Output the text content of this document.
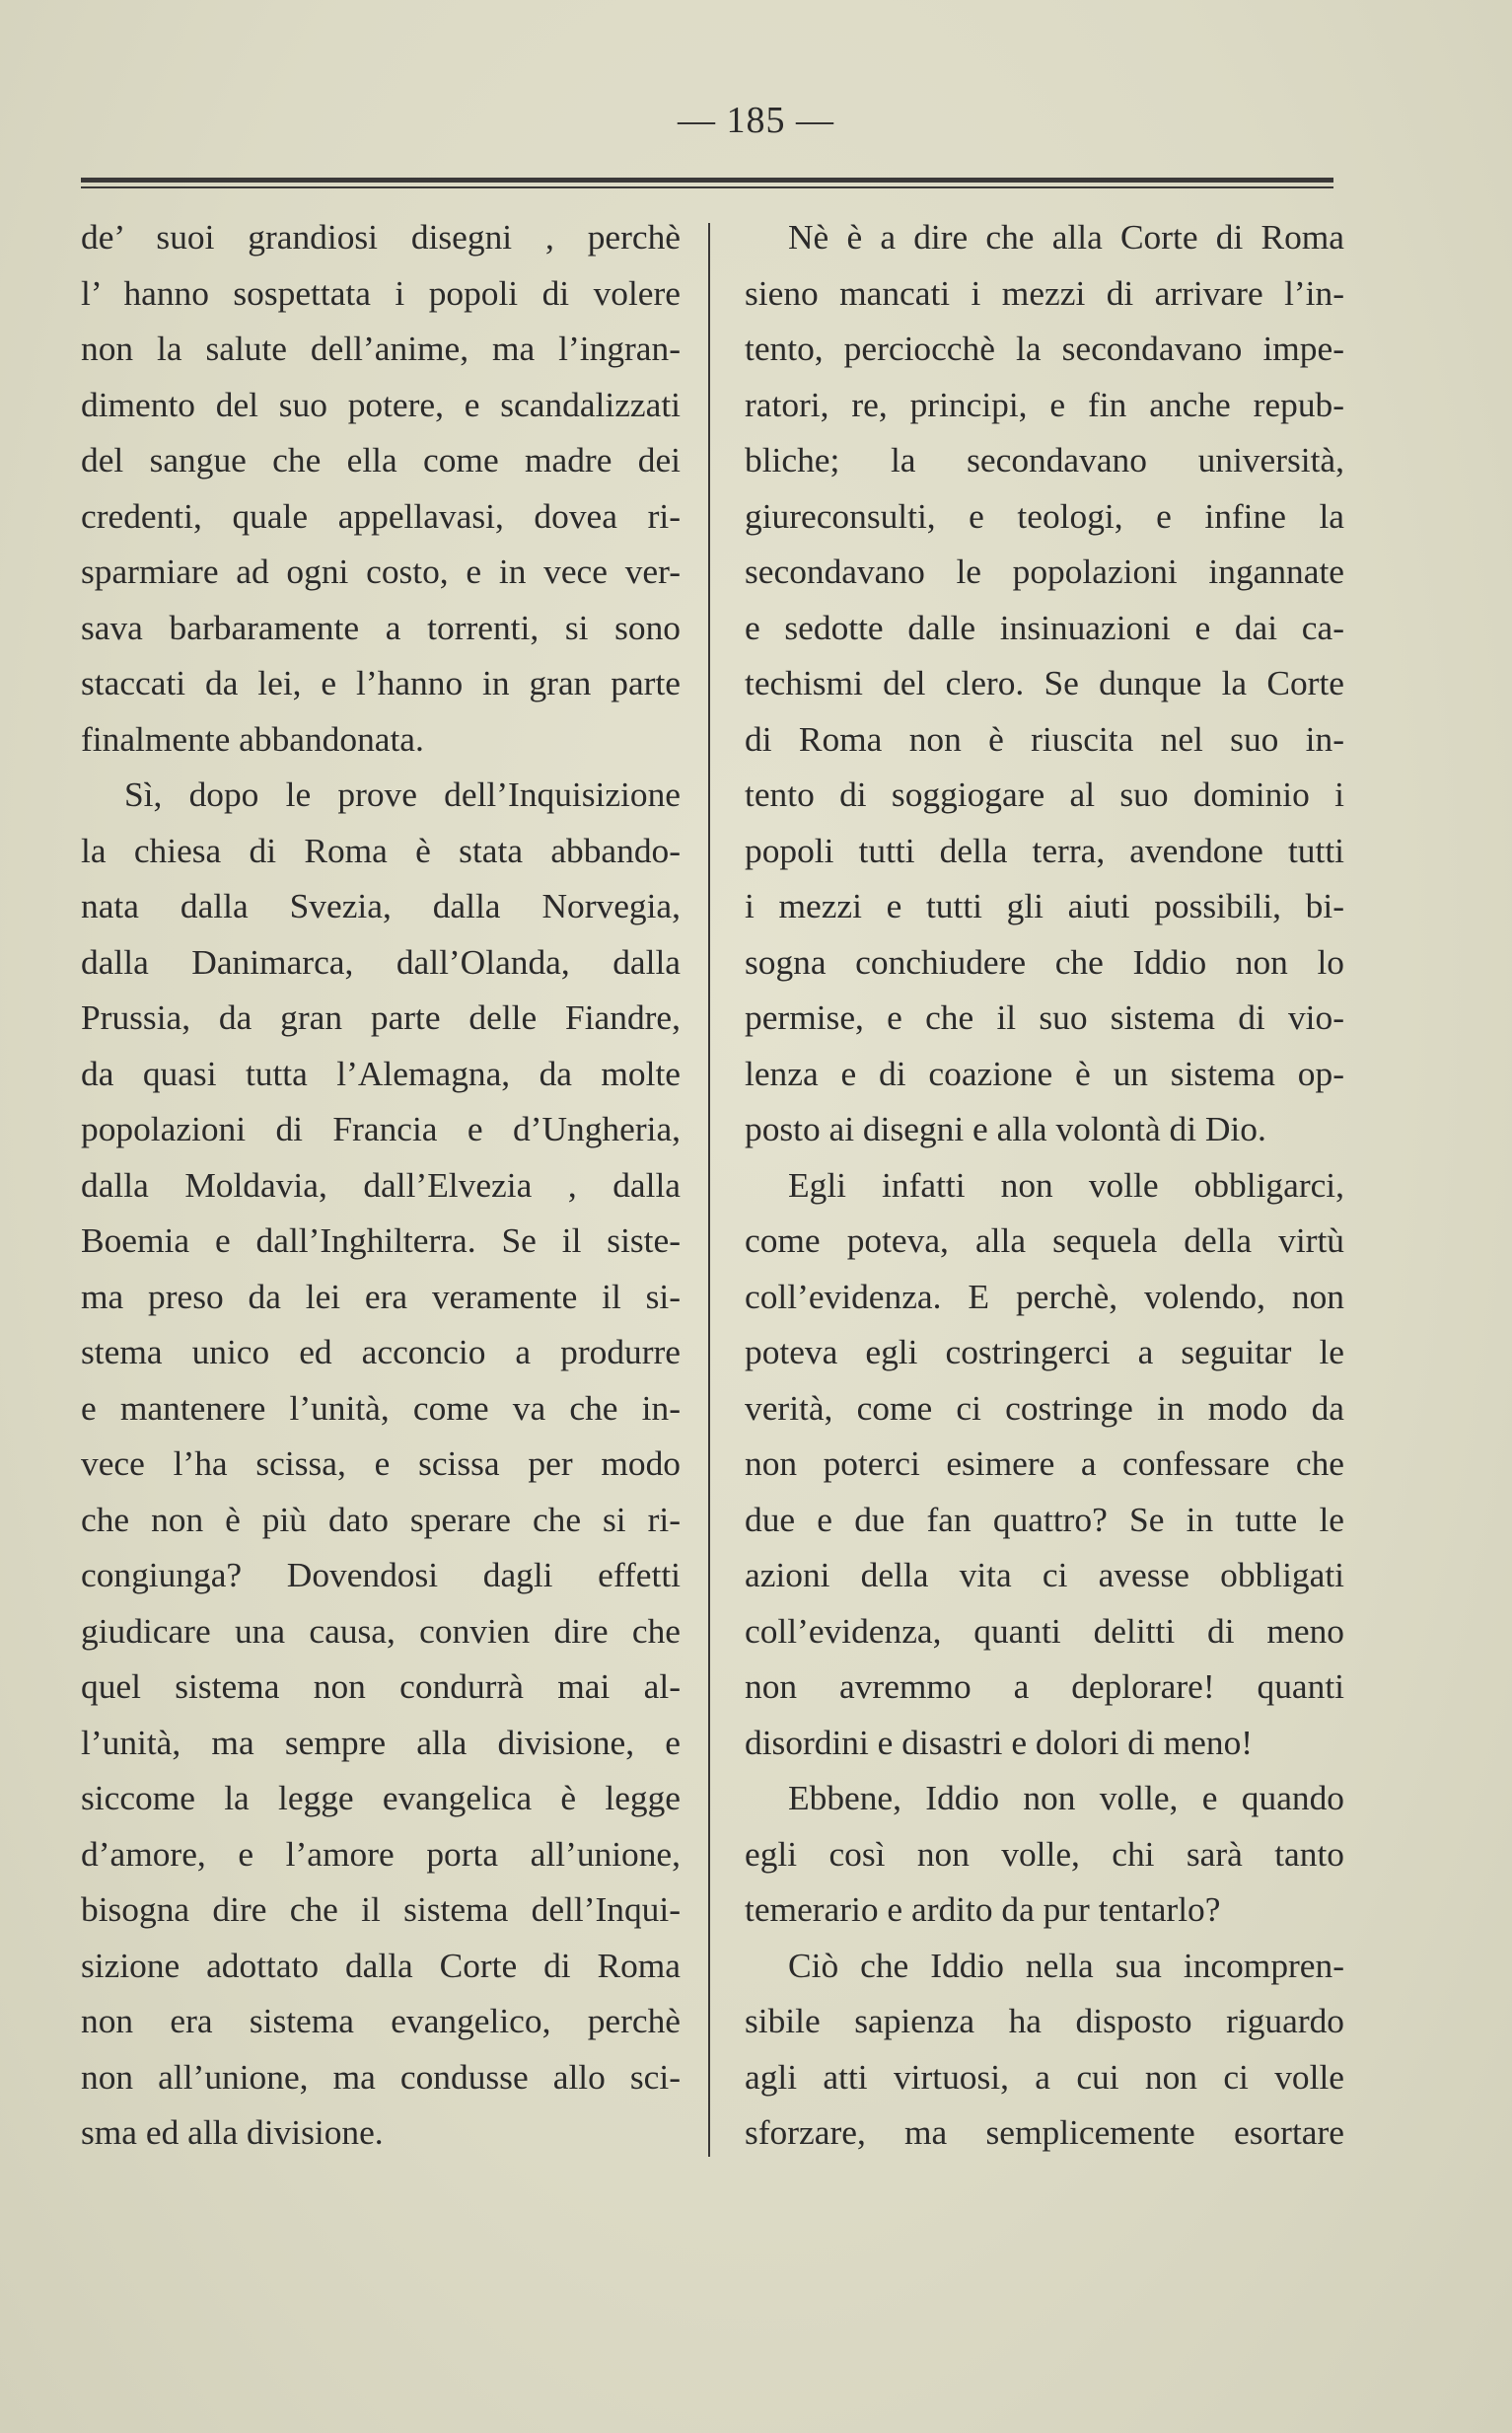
— 185 —
de’ suoi grandiosi disegni , perchè
l’ hanno sospettata i popoli di volere
non la salute dell’anime, ma l’ingran-
dimento del suo potere, e scandalizzati
del sangue che ella come madre dei
credenti, quale appellavasi, dovea ri-
sparmiare ad ogni costo, e in vece ver-
sava barbaramente a torrenti, si sono
staccati da lei, e l’hanno in gran parte
finalmente abbandonata.
Sì, dopo le prove dell’Inquisizione
la chiesa di Roma è stata abbando-
nata dalla Svezia, dalla Norvegia,
dalla Danimarca, dall’Olanda, dalla
Prussia, da gran parte delle Fiandre,
da quasi tutta l’Alemagna, da molte
popolazioni di Francia e d’Ungheria,
dalla Moldavia, dall’Elvezia , dalla
Boemia e dall’Inghilterra. Se il siste-
ma preso da lei era veramente il si-
stema unico ed acconcio a produrre
e mantenere l’unità, come va che in-
vece l’ha scissa, e scissa per modo
che non è più dato sperare che si ri-
congiunga? Dovendosi dagli effetti
giudicare una causa, convien dire che
quel sistema non condurrà mai al-
l’unità, ma sempre alla divisione, e
siccome la legge evangelica è legge
d’amore, e l’amore porta all’unione,
bisogna dire che il sistema dell’Inqui-
sizione adottato dalla Corte di Roma
non era sistema evangelico, perchè
non all’unione, ma condusse allo sci-
sma ed alla divisione.
Nè è a dire che alla Corte di Roma
sieno mancati i mezzi di arrivare l’in-
tento, perciocchè la secondavano impe-
ratori, re, principi, e fin anche repub-
bliche; la secondavano università,
giureconsulti, e teologi, e infine la
secondavano le popolazioni ingannate
e sedotte dalle insinuazioni e dai ca-
techismi del clero. Se dunque la Corte
di Roma non è riuscita nel suo in-
tento di soggiogare al suo dominio i
popoli tutti della terra, avendone tutti
i mezzi e tutti gli aiuti possibili, bi-
sogna conchiudere che Iddio non lo
permise, e che il suo sistema di vio-
lenza e di coazione è un sistema op-
posto ai disegni e alla volontà di Dio.
Egli infatti non volle obbligarci,
come poteva, alla sequela della virtù
coll’evidenza. E perchè, volendo, non
poteva egli costringerci a seguitar le
verità, come ci costringe in modo da
non poterci esimere a confessare che
due e due fan quattro? Se in tutte le
azioni della vita ci avesse obbligati
coll’evidenza, quanti delitti di meno
non avremmo a deplorare! quanti
disordini e disastri e dolori di meno!
Ebbene, Iddio non volle, e quando
egli così non volle, chi sarà tanto
temerario e ardito da pur tentarlo?
Ciò che Iddio nella sua incompren-
sibile sapienza ha disposto riguardo
agli atti virtuosi, a cui non ci volle
sforzare, ma semplicemente esortare
